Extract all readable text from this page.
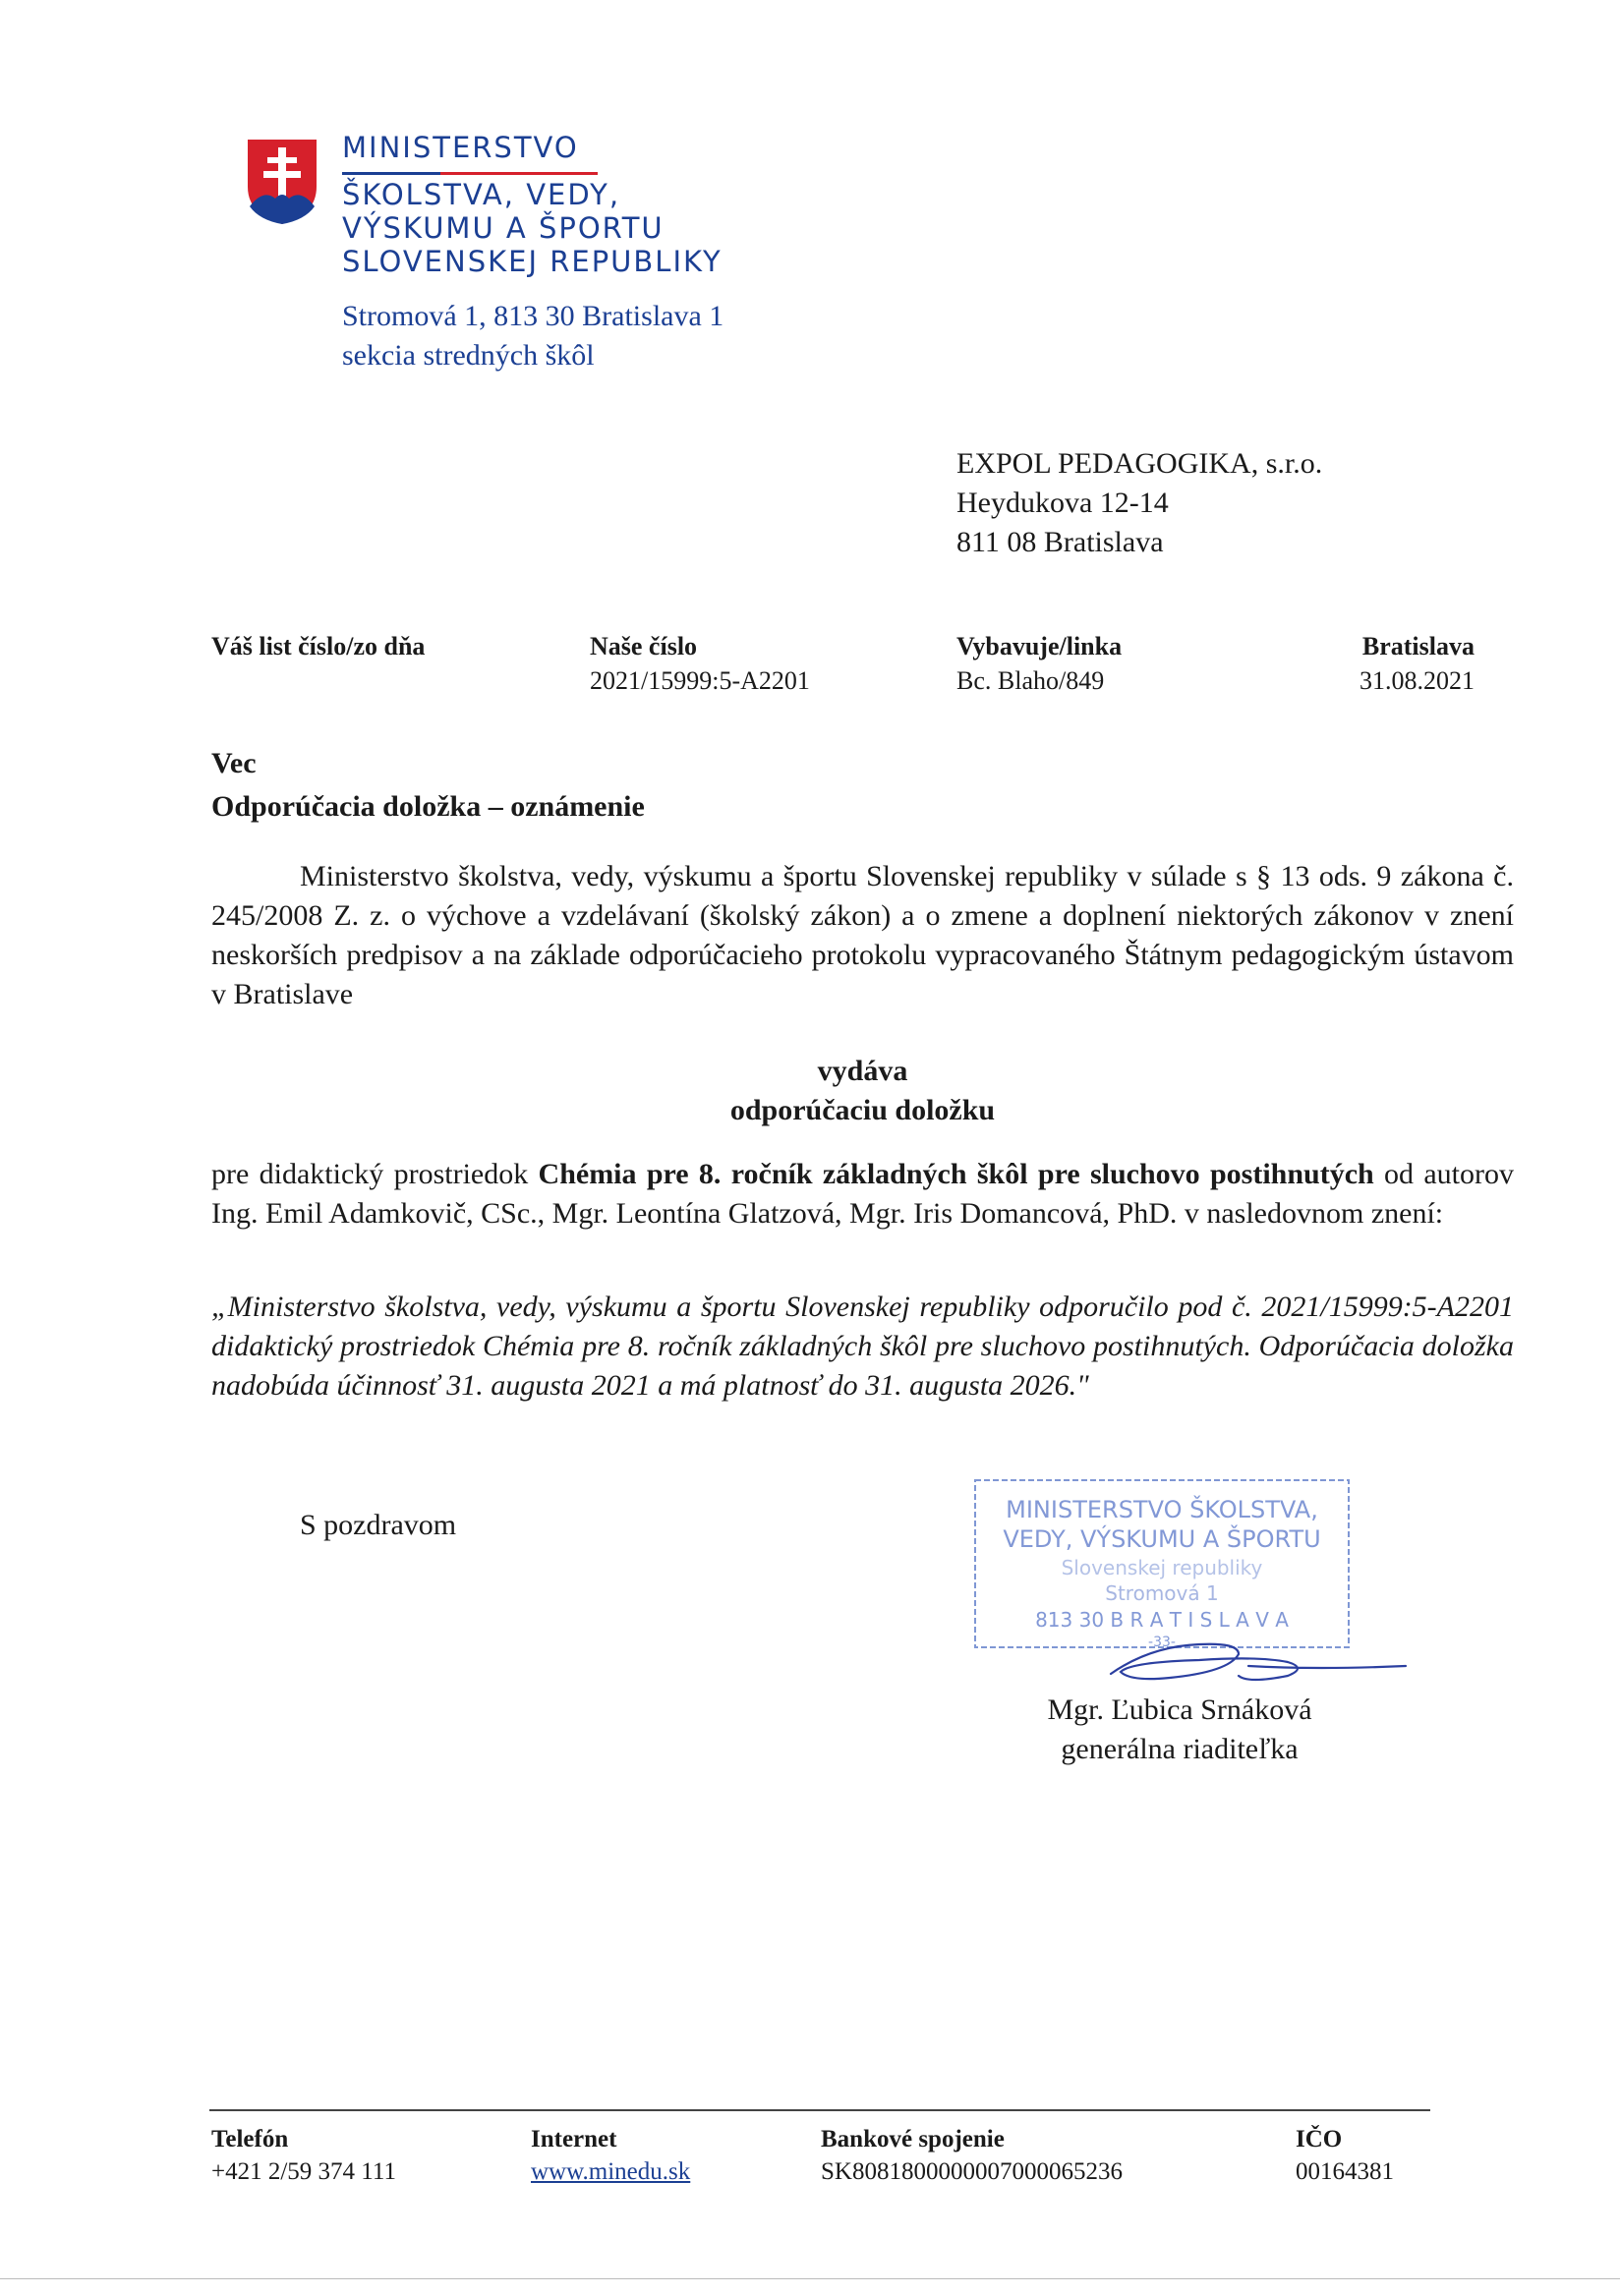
MINISTERSTVO
ŠKOLSTVA, VEDY,
VÝSKUMU A ŠPORTU
SLOVENSKEJ REPUBLIKY
Stromová 1, 813 30 Bratislava 1
sekcia stredných škôl
EXPOL PEDAGOGIKA, s.r.o.
Heydukova 12-14
811 08 Bratislava
Váš list číslo/zo dňa	Naše číslo
2021/15999:5-A2201
Vybavuje/linka
Bc. Blaho/849
Bratislava
31.08.2021
Vec
Odporúčacia doložka – oznámenie
Ministerstvo školstva, vedy, výskumu a športu Slovenskej republiky v súlade s § 13 ods. 9 zákona č. 245/2008 Z. z. o výchove a vzdelávaní (školský zákon) a o zmene a doplnení niektorých zákonov v znení neskorších predpisov a na základe odporúčacieho protokolu vypracovaného Štátnym pedagogickým ústavom v Bratislave
vydáva
odporúčaciu doložku
pre didaktický prostriedok Chémia pre 8. ročník základných škôl pre sluchovo postihnutých od autorov Ing. Emil Adamkovič, CSc., Mgr. Leontína Glatzová, Mgr. Iris Domancová, PhD. v nasledovnom znení:
„Ministerstvo školstva, vedy, výskumu a športu Slovenskej republiky odporučilo pod č. 2021/15999:5-A2201 didaktický prostriedok Chémia pre 8. ročník základných škôl pre sluchovo postihnutých. Odporúčacia doložka nadobúda účinnosť 31. augusta 2021 a má platnosť do 31. augusta 2026."
S pozdravom	MINISTERSTVO ŠKOLSTVA,
VEDY, VÝSKUMU A ŠPORTU
Slovenskej republiky
Stromová 1
813 30 B R A T I S L A V A
-33-
Mgr. Ľubica Srnáková
generálna riaditeľka
Telefón
+421 2/59 374 111
Internet
www.minedu.sk
Bankové spojenie
SK8081800000007000065236
IČO
00164381
